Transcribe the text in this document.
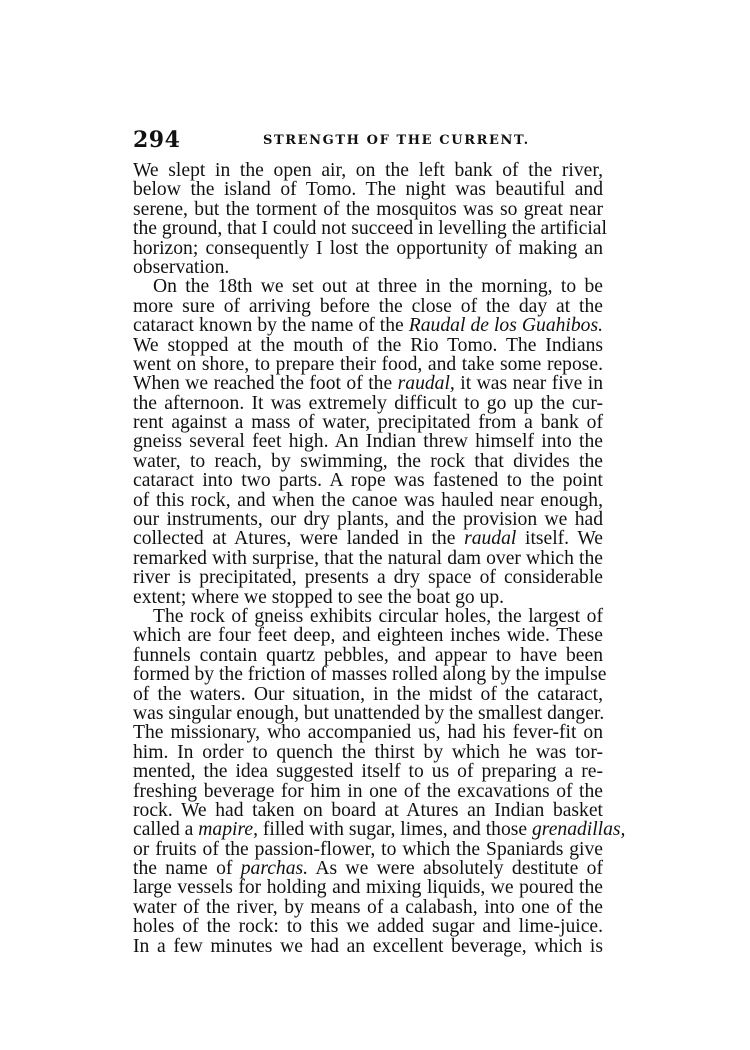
294	STRENGTH OF THE CURRENT.
We slept in the open air, on the left bank of the river,
below the island of Tomo. The night was beautiful and
serene, but the torment of the mosquitos was so great near
the ground, that I could not succeed in levelling the artificial
horizon; consequently I lost the opportunity of making an
observation.
On the 18th we set out at three in the morning, to be
more sure of arriving before the close of the day at the
cataract known by the name of the Raudal de los Guahibos.
We stopped at the mouth of the Rio Tomo. The Indians
went on shore, to prepare their food, and take some repose.
When we reached the foot of the raudal, it was near five in
the afternoon. It was extremely difficult to go up the cur-
rent against a mass of water, precipitated from a bank of
gneiss several feet high. An Indian threw himself into the
water, to reach, by swimming, the rock that divides the
cataract into two parts. A rope was fastened to the point
of this rock, and when the canoe was hauled near enough,
our instruments, our dry plants, and the provision we had
collected at Atures, were landed in the raudal itself. We
remarked with surprise, that the natural dam over which the
river is precipitated, presents a dry space of considerable
extent; where we stopped to see the boat go up.
The rock of gneiss exhibits circular holes, the largest of
which are four feet deep, and eighteen inches wide. These
funnels contain quartz pebbles, and appear to have been
formed by the friction of masses rolled along by the impulse
of the waters. Our situation, in the midst of the cataract,
was singular enough, but unattended by the smallest danger.
The missionary, who accompanied us, had his fever-fit on
him. In order to quench the thirst by which he was tor-
mented, the idea suggested itself to us of preparing a re-
freshing beverage for him in one of the excavations of the
rock. We had taken on board at Atures an Indian basket
called a mapire, filled with sugar, limes, and those grenadillas,
or fruits of the passion-flower, to which the Spaniards give
the name of parchas. As we were absolutely destitute of
large vessels for holding and mixing liquids, we poured the
water of the river, by means of a calabash, into one of the
holes of the rock: to this we added sugar and lime-juice.
In a few minutes we had an excellent beverage, which is
